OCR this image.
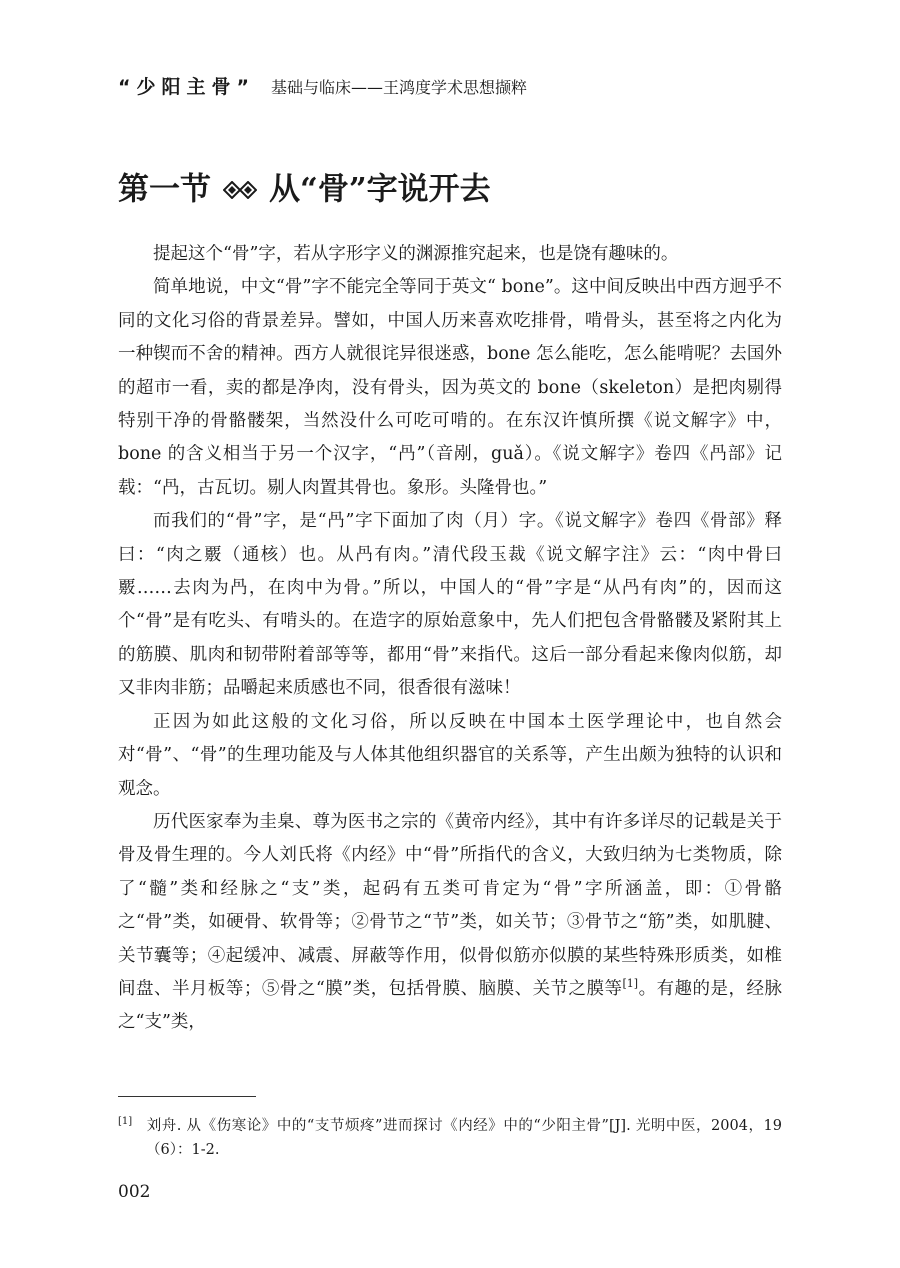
“少阳主骨” 基础与临床——王鸿度学术思想撷粹
第一节 从“骨”字说开去

提起这个“骨”字，若从字形字义的渊源推究起来，也是饶有趣味的。

简单地说，中文“骨”字不能完全等同于英文“ bone”。这中间反映出中西方迥乎不同的文化习俗的背景差异。譬如，中国人历来喜欢吃排骨，啃骨头，甚至将之内化为一种锲而不舍的精神。西方人就很诧异很迷惑，bone 怎么能吃，怎么能啃呢？去国外的超市一看，卖的都是净肉，没有骨头，因为英文的 bone（skeleton）是把肉剔得特别干净的骨骼髅架，当然没什么可吃可啃的。在东汉许慎所撰《说文解字》中，bone 的含义相当于另一个汉字，“冎”（音剐，guǎ）。《说文解字》卷四《冎部》记载：“冎，古瓦切。剔人肉置其骨也。象形。头隆骨也。”

而我们的“骨”字，是“冎”字下面加了肉（月）字。《说文解字》卷四《骨部》释曰：“肉之覈（通核）也。从冎有肉。”清代段玉裁《说文解字注》云：“肉中骨曰覈……去肉为冎，在肉中为骨。”所以，中国人的“骨”字是“从冎有肉”的，因而这个“骨”是有吃头、有啃头的。在造字的原始意象中，先人们把包含骨骼髅及紧附其上的筋膜、肌肉和韧带附着部等等，都用“骨”来指代。这后一部分看起来像肉似筋，却又非肉非筋；品嚼起来质感也不同，很香很有滋味！

正因为如此这般的文化习俗，所以反映在中国本土医学理论中，也自然会对“骨”、“骨”的生理功能及与人体其他组织器官的关系等，产生出颇为独特的认识和观念。

历代医家奉为圭臬、尊为医书之宗的《黄帝内经》，其中有许多详尽的记载是关于骨及骨生理的。今人刘氏将《内经》中“骨”所指代的含义，大致归纳为七类物质，除了“髓”类和经脉之“支”类，起码有五类可肯定为“骨”字所涵盖，即：①骨骼之“骨”类，如硬骨、软骨等；②骨节之“节”类，如关节；③骨节之“筋”类，如肌腱、关节囊等；④起缓冲、减震、屏蔽等作用，似骨似筋亦似膜的某些特殊形质类，如椎间盘、半月板等；⑤骨之“膜”类，包括骨膜、脑膜、关节之膜等[1]。有趣的是，经脉之“支”类，

[1] 刘舟. 从《伤寒论》中的“支节烦疼”进而探讨《内经》中的“少阳主骨”[J]. 光明中医，2004，19（6）：1-2.
002
